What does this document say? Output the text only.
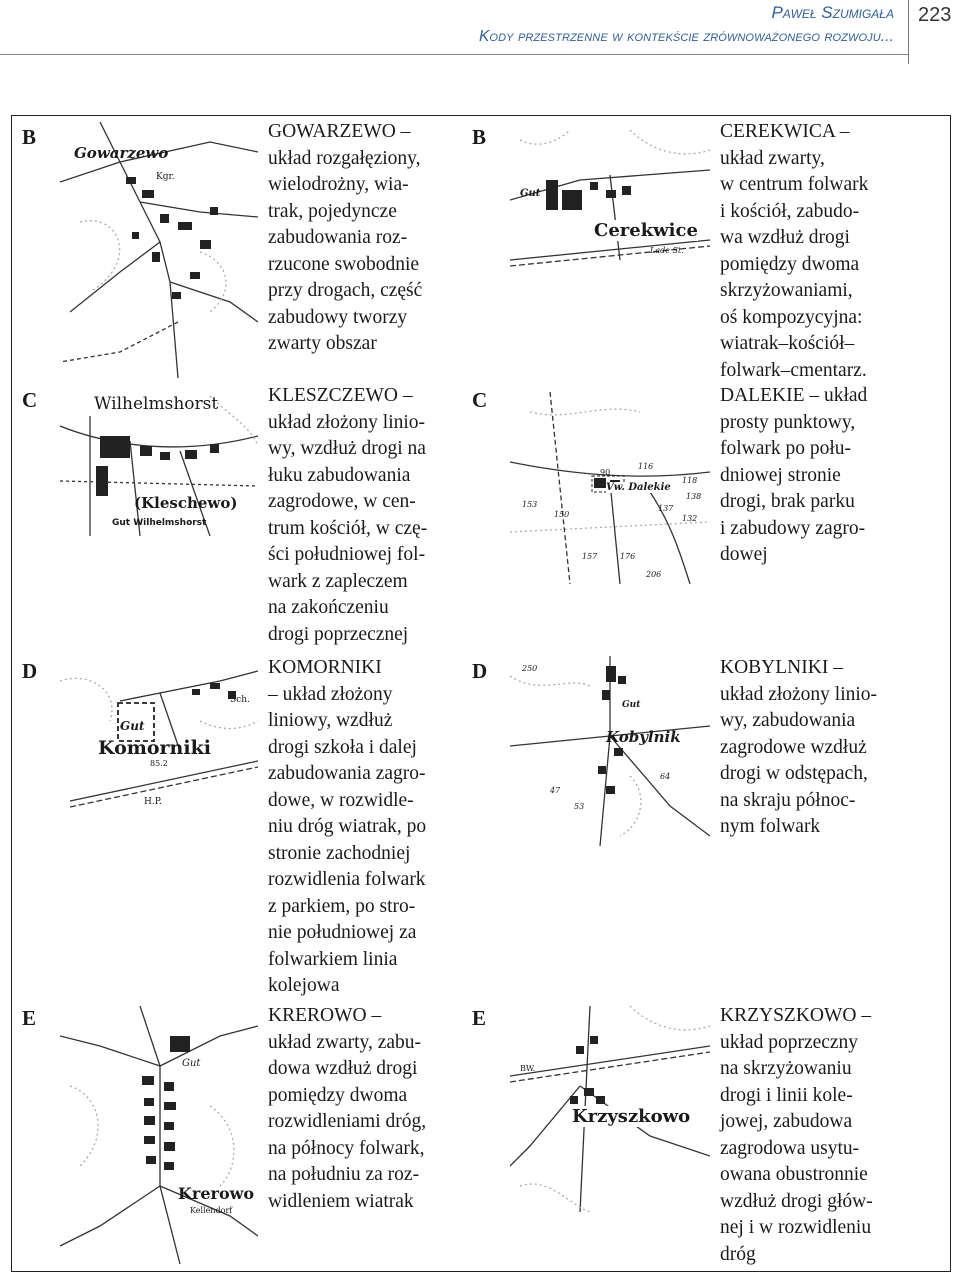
Paweł Szumigała
Kody przestrzenne w kontekście zrównoważonego rozwoju...
223
B
Gowarzewo
Kgr.
GOWARZEWO –
układ rozgałęziony,
wielodrożny, wia-
trak, pojedyncze
zabudowania roz-
rzucone swobodnie
przy drogach, część
zabudowy tworzy
zwarty obszar
C	Wilhelmshorst
(Kleschewo)
Gut Wilhelmshorst
KLESZCZEWO –
układ złożony linio-
wy, wzdłuż drogi na
łuku zabudowania
zagrodowe, w cen-
trum kościół, w czę-
ści południowej fol-
wark z zapleczem
na zakończeniu
drogi poprzecznej
D
Gut
Komorniki
Sch.
H.P.
85.2
KOMORNIKI
– układ złożony
liniowy, wzdłuż
drogi szkoła i dalej
zabudowania zagro-
dowe, w rozwidle-
niu dróg wiatrak, po
stronie zachodniej
rozwidlenia folwark
z parkiem, po stro-
nie południowej za
folwarkiem linia
kolejowa
E
Gut
Krerowo
Kellendorf
KREROWO –
układ zwarty, zabu-
dowa wzdłuż drogi
pomiędzy dwoma
rozwidleniami dróg,
na północy folwark,
na południu za roz-
widleniem wiatrak
B
Gut
Cerekwice
Lade St.
CEREKWICA –
układ zwarty,
w centrum folwark
i kościół, zabudo-
wa wzdłuż drogi
pomiędzy dwoma
skrzyżowaniami,
oś kompozycyjna:
wiatrak–kościół–
folwark–cmentarz.
C
Vw. Dalekie
116
118
138
137
132
153
150
157	176
206
90
DALEKIE – układ
prosty punktowy,
folwark po połu-
dniowej stronie
drogi, brak parku
i zabudowy zagro-
dowej
D
Gut
Kobylnik
250
47
53
64
KOBYLNIKI –
układ złożony linio-
wy, zabudowania
zagrodowe wzdłuż
drogi w odstępach,
na skraju północ-
nym folwark
E
BW.
Krzyszkowo
KRZYSZKOWO –
układ poprzeczny
na skrzyżowaniu
drogi i linii kole-
jowej, zabudowa
zagrodowa usytu-
owana obustronnie
wzdłuż drogi głów-
nej i w rozwidleniu
dróg
